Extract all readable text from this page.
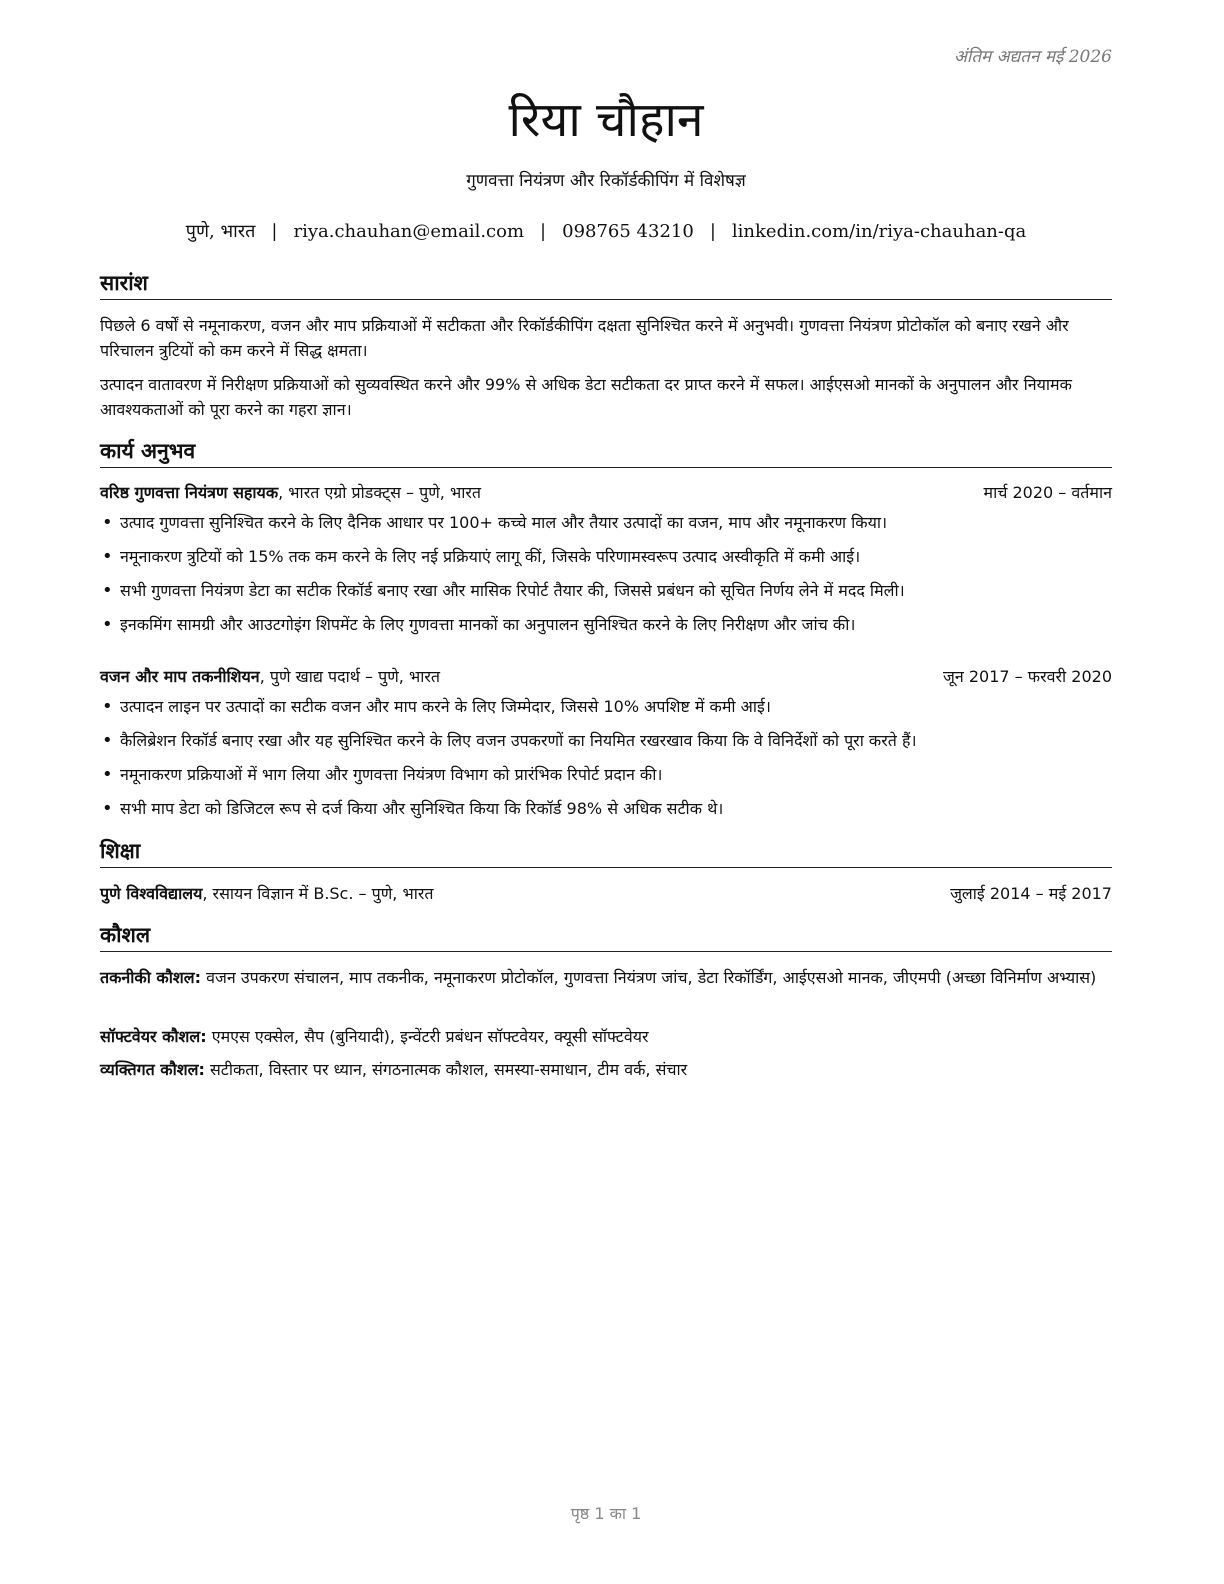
अंतिम अद्यतन मई 2026
रिया चौहान
गुणवत्ता नियंत्रण और रिकॉर्डकीपिंग में विशेषज्ञ
पुणे, भारत | riya.chauhan@email.com | 098765 43210 | linkedin.com/in/riya-chauhan-qa
सारांश
पिछले 6 वर्षों से नमूनाकरण, वजन और माप प्रक्रियाओं में सटीकता और रिकॉर्डकीपिंग दक्षता सुनिश्चित करने में अनुभवी। गुणवत्ता नियंत्रण प्रोटोकॉल को बनाए रखने और परिचालन त्रुटियों को कम करने में सिद्ध क्षमता।
उत्पादन वातावरण में निरीक्षण प्रक्रियाओं को सुव्यवस्थित करने और 99% से अधिक डेटा सटीकता दर प्राप्त करने में सफल। आईएसओ मानकों के अनुपालन और नियामक आवश्यकताओं को पूरा करने का गहरा ज्ञान।
कार्य अनुभव
वरिष्ठ गुणवत्ता नियंत्रण सहायक, भारत एग्रो प्रोडक्ट्स – पुणे, भारत	मार्च 2020 – वर्तमान
• उत्पाद गुणवत्ता सुनिश्चित करने के लिए दैनिक आधार पर 100+ कच्चे माल और तैयार उत्पादों का वजन, माप और नमूनाकरण किया।
• नमूनाकरण त्रुटियों को 15% तक कम करने के लिए नई प्रक्रियाएं लागू कीं, जिसके परिणामस्वरूप उत्पाद अस्वीकृति में कमी आई।
• सभी गुणवत्ता नियंत्रण डेटा का सटीक रिकॉर्ड बनाए रखा और मासिक रिपोर्ट तैयार की, जिससे प्रबंधन को सूचित निर्णय लेने में मदद मिली।
• इनकमिंग सामग्री और आउटगोइंग शिपमेंट के लिए गुणवत्ता मानकों का अनुपालन सुनिश्चित करने के लिए निरीक्षण और जांच की।
वजन और माप तकनीशियन, पुणे खाद्य पदार्थ – पुणे, भारत	जून 2017 – फरवरी 2020
• उत्पादन लाइन पर उत्पादों का सटीक वजन और माप करने के लिए जिम्मेदार, जिससे 10% अपशिष्ट में कमी आई।
• कैलिब्रेशन रिकॉर्ड बनाए रखा और यह सुनिश्चित करने के लिए वजन उपकरणों का नियमित रखरखाव किया कि वे विनिर्देशों को पूरा करते हैं।
• नमूनाकरण प्रक्रियाओं में भाग लिया और गुणवत्ता नियंत्रण विभाग को प्रारंभिक रिपोर्ट प्रदान की।
• सभी माप डेटा को डिजिटल रूप से दर्ज किया और सुनिश्चित किया कि रिकॉर्ड 98% से अधिक सटीक थे।
शिक्षा
पुणे विश्वविद्यालय, रसायन विज्ञान में B.Sc. – पुणे, भारत	जुलाई 2014 – मई 2017
कौशल
तकनीकी कौशल: वजन उपकरण संचालन, माप तकनीक, नमूनाकरण प्रोटोकॉल, गुणवत्ता नियंत्रण जांच, डेटा रिकॉर्डिंग, आईएसओ मानक, जीएमपी (अच्छा विनिर्माण अभ्यास)
सॉफ्टवेयर कौशल: एमएस एक्सेल, सैप (बुनियादी), इन्वेंटरी प्रबंधन सॉफ्टवेयर, क्यूसी सॉफ्टवेयर
व्यक्तिगत कौशल: सटीकता, विस्तार पर ध्यान, संगठनात्मक कौशल, समस्या-समाधान, टीम वर्क, संचार
पृष्ठ 1 का 1
